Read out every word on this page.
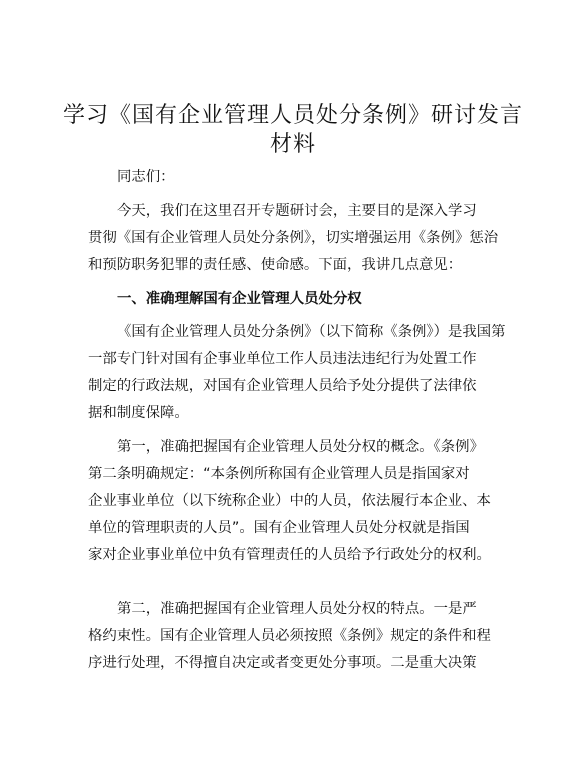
学习《国有企业管理人员处分条例》研讨发言
材料
同志们：
今天，我们在这里召开专题研讨会，主要目的是深入学习
贯彻《国有企业管理人员处分条例》，切实增强运用《条例》惩治
和预防职务犯罪的责任感、使命感。下面，我讲几点意见：
一、准确理解国有企业管理人员处分权
《国有企业管理人员处分条例》（以下简称《条例》）是我国第
一部专门针对国有企事业单位工作人员违法违纪行为处置工作
制定的行政法规，对国有企业管理人员给予处分提供了法律依
据和制度保障。
第一，准确把握国有企业管理人员处分权的概念。《条例》
第二条明确规定：“本条例所称国有企业管理人员是指国家对
企业事业单位（以下统称企业）中的人员，依法履行本企业、本
单位的管理职责的人员”。国有企业管理人员处分权就是指国
家对企业事业单位中负有管理责任的人员给予行政处分的权利。
第二，准确把握国有企业管理人员处分权的特点。一是严
格约束性。国有企业管理人员必须按照《条例》规定的条件和程
序进行处理，不得擅自决定或者变更处分事项。二是重大决策
